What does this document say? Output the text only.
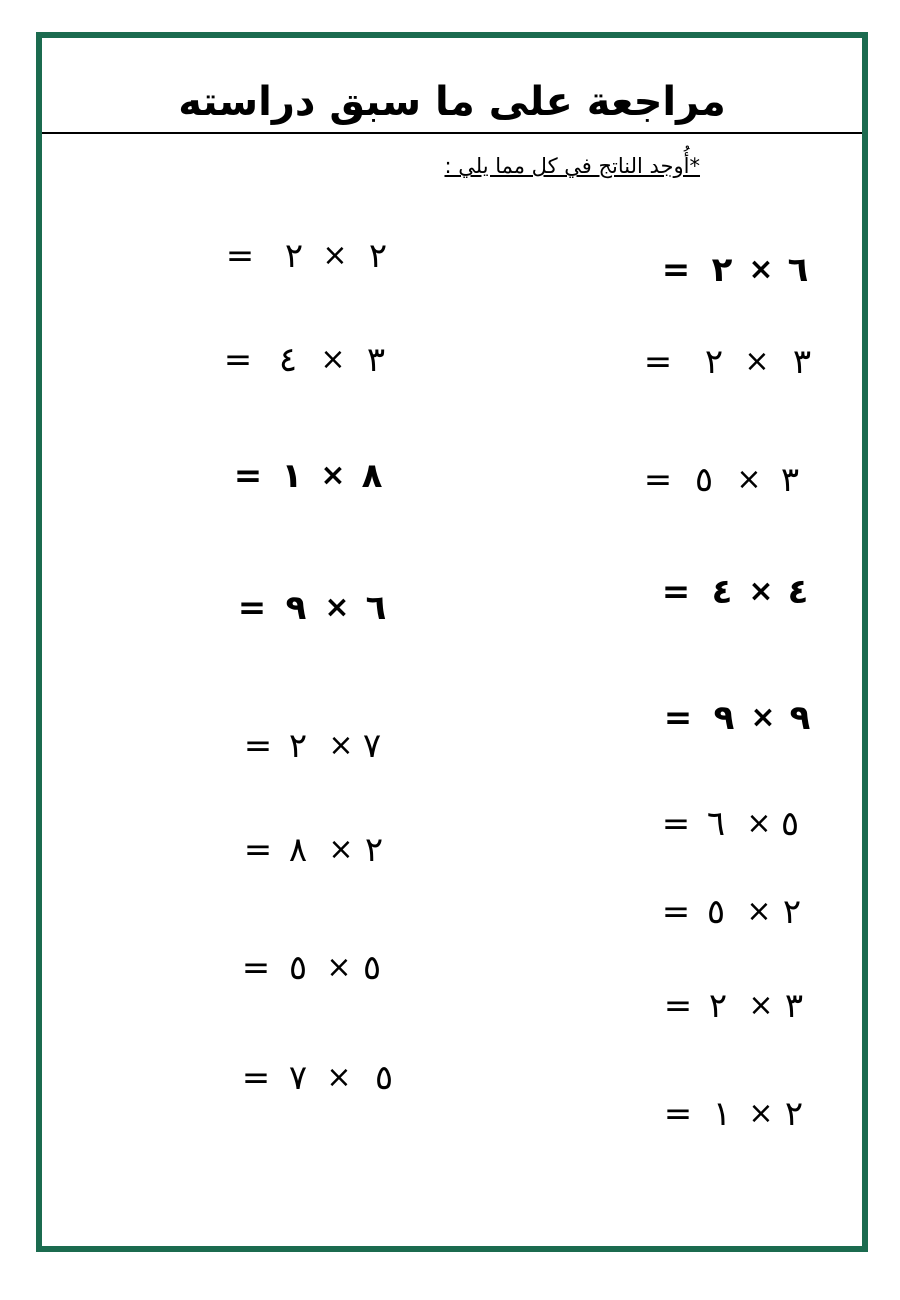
مراجعة على ما سبق دراسته
*أُوجد الناتج في كل مما يلي :
= ٢ × ٢
= ٤ × ٣
= ١ × ٨
= ٩ × ٦
= ٢ × ٧
= ٨ × ٢
= ٥ × ٥
= ٧ × ٥
= ٢ × ٦
= ٢ × ٣
= ٥ × ٣
= ٤ × ٤
= ٩ × ٩
= ٦ × ٥
= ٥ × ٢
= ٢ × ٣
= ١ × ٢
